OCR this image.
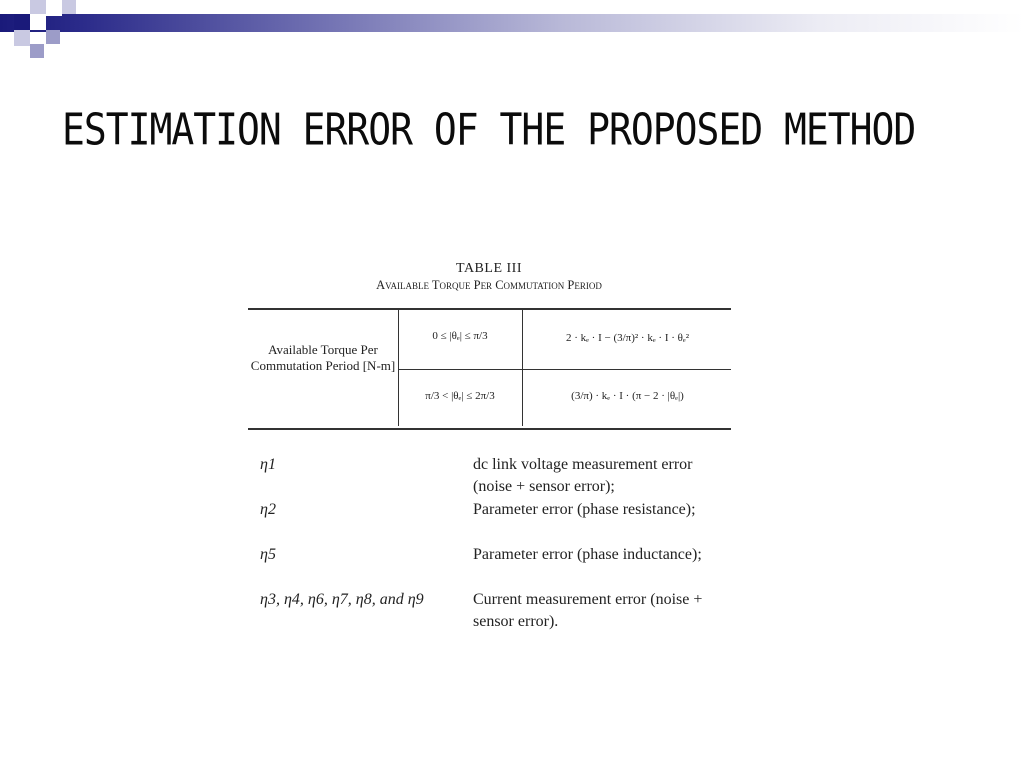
ESTIMATION ERROR OF THE PROPOSED METHOD
TABLE III
Available Torque Per Commutation Period
Available Torque Per Commutation Period [N-m]
0 ≤ |θₑ| ≤ π/3	2 · kₑ · I − (3/π)² · kₑ · I · θₑ²
π/3 < |θₑ| ≤ 2π/3	(3/π) · kₑ · I · (π − 2 · |θₑ|)
η1	dc link voltage measurement error (noise + sensor error);
η2	Parameter error (phase resistance);
η5	Parameter error (phase inductance);
η3, η4, η6, η7, η8, and η9	Current measurement error (noise + sensor error).
